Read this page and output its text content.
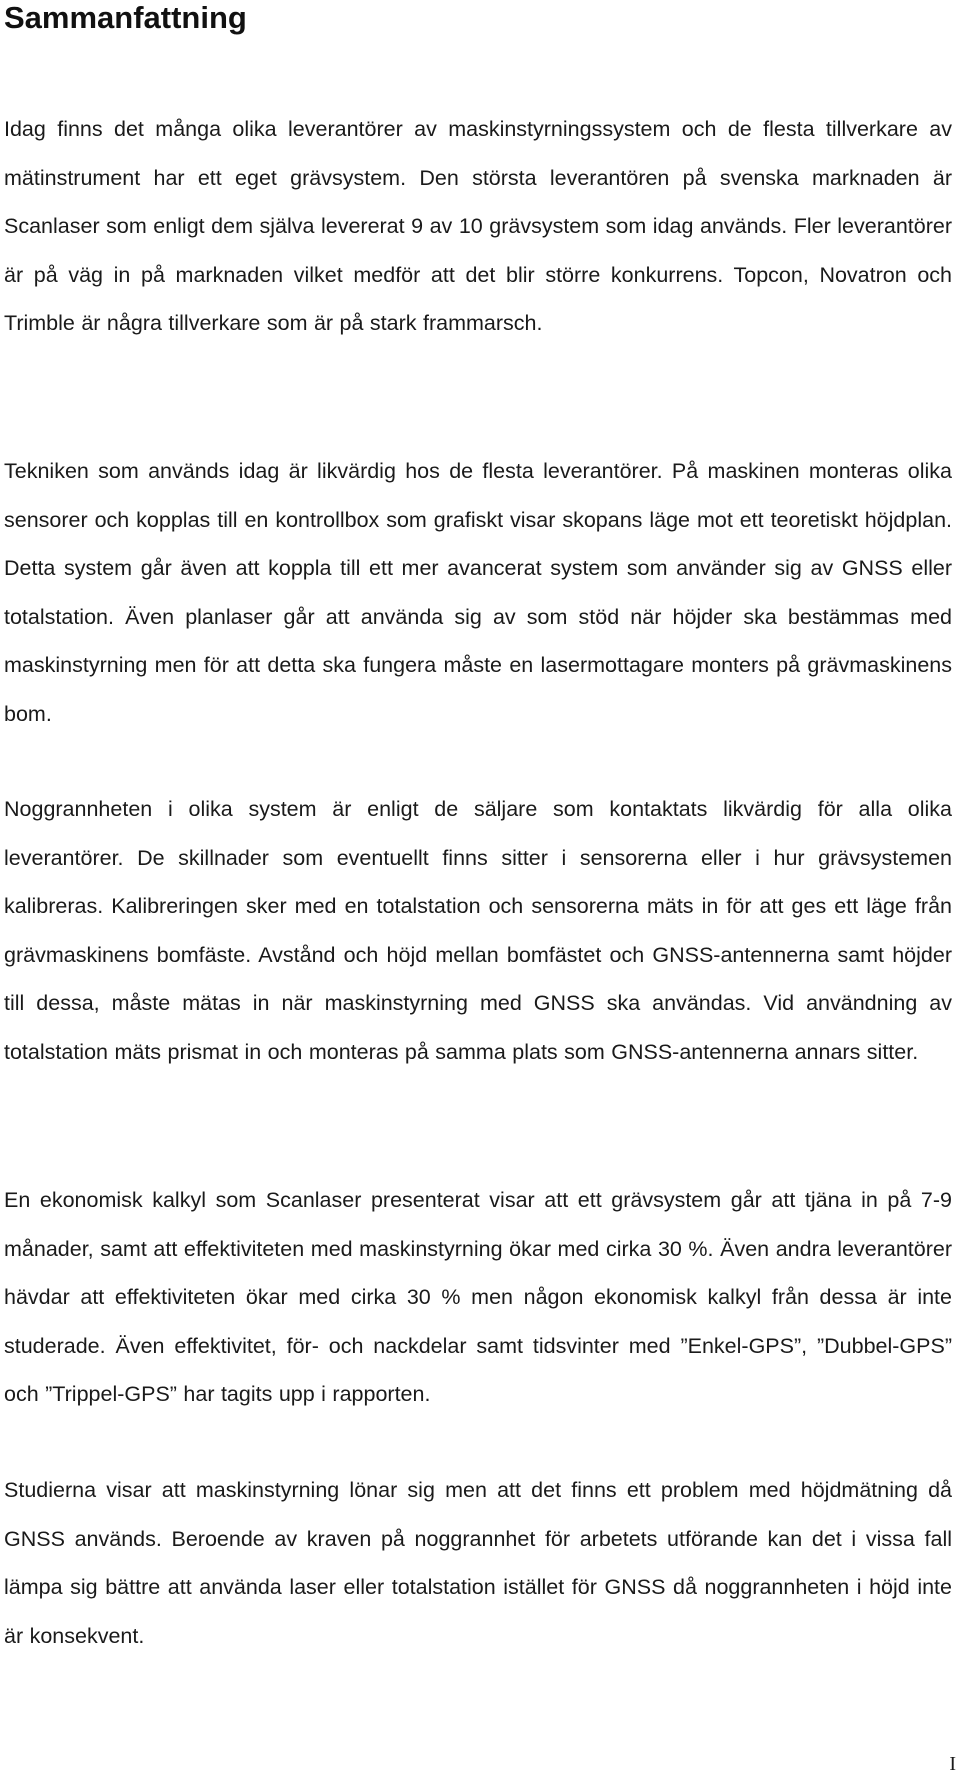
Sammanfattning

Idag finns det många olika leverantörer av maskinstyrningssystem och de flesta tillverkare av mätinstrument har ett eget grävsystem. Den största leverantören på svenska marknaden är Scanlaser som enligt dem själva levererat 9 av 10 grävsystem som idag används. Fler leverantörer är på väg in på marknaden vilket medför att det blir större konkurrens. Topcon, Novatron och Trimble är några tillverkare som är på stark frammarsch.

Tekniken som används idag är likvärdig hos de flesta leverantörer. På maskinen monteras olika sensorer och kopplas till en kontrollbox som grafiskt visar skopans läge mot ett teoretiskt höjdplan. Detta system går även att koppla till ett mer avancerat system som använder sig av GNSS eller totalstation. Även planlaser går att använda sig av som stöd när höjder ska bestämmas med maskinstyrning men för att detta ska fungera måste en lasermottagare monters på grävmaskinens bom.

Noggrannheten i olika system är enligt de säljare som kontaktats likvärdig för alla olika leverantörer. De skillnader som eventuellt finns sitter i sensorerna eller i hur grävsystemen kalibreras. Kalibreringen sker med en totalstation och sensorerna mäts in för att ges ett läge från grävmaskinens bomfäste. Avstånd och höjd mellan bomfästet och GNSS-antennerna samt höjder till dessa, måste mätas in när maskinstyrning med GNSS ska användas. Vid användning av totalstation mäts prismat in och monteras på samma plats som GNSS-antennerna annars sitter.

En ekonomisk kalkyl som Scanlaser presenterat visar att ett grävsystem går att tjäna in på 7-9 månader, samt att effektiviteten med maskinstyrning ökar med cirka 30 %. Även andra leverantörer hävdar att effektiviteten ökar med cirka 30 % men någon ekonomisk kalkyl från dessa är inte studerade. Även effektivitet, för- och nackdelar samt tidsvinter med ”Enkel-GPS”, ”Dubbel-GPS” och ”Trippel-GPS” har tagits upp i rapporten.

Studierna visar att maskinstyrning lönar sig men att det finns ett problem med höjdmätning då GNSS används. Beroende av kraven på noggrannhet för arbetets utförande kan det i vissa fall lämpa sig bättre att använda laser eller totalstation istället för GNSS då noggrannheten i höjd inte är konsekvent.

I
